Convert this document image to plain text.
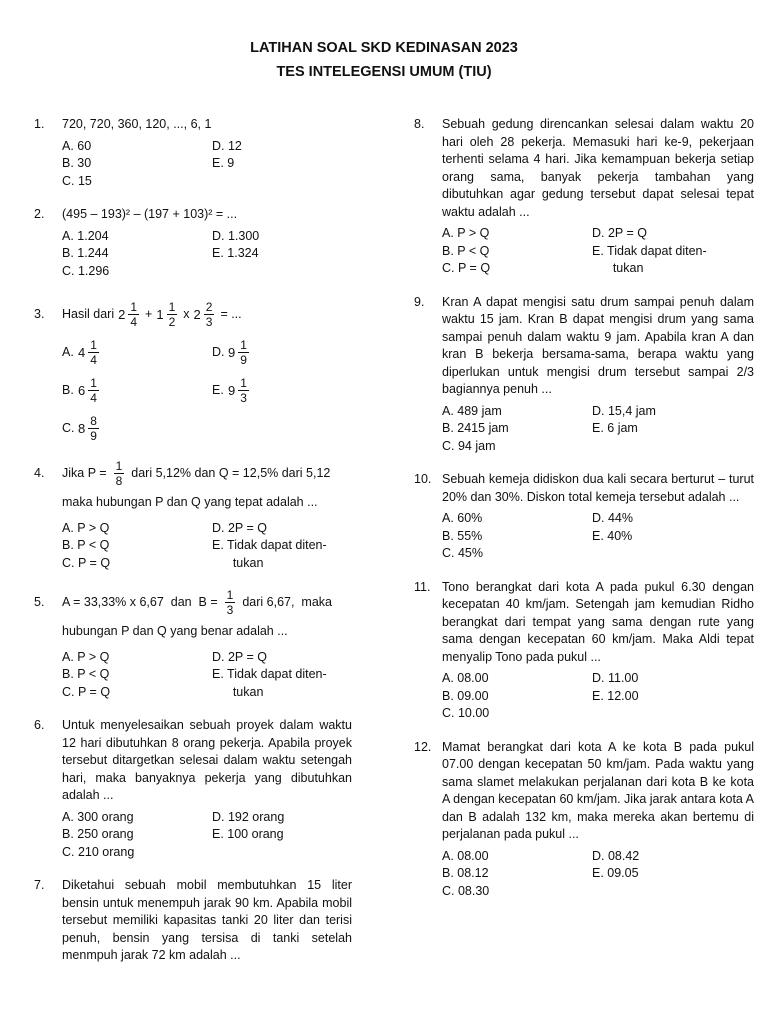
LATIHAN SOAL SKD KEDINASAN 2023
TES INTELEGENSI UMUM (TIU)
1.	720, 720, 360, 120, ..., 6, 1
A. 60	D. 12
B. 30	E. 9
C. 15
2.	(495 – 193)² – (197 + 103)² = ...
A. 1.204	D. 1.300
B. 1.244	E. 1.324
C. 1.296
3.	Hasil dari $2 \frac{1}{4} + 1 \frac{1}{2}$ x $2 \frac{2}{3}$ = ...
A. $4 \frac{1}{4}$	D. $9 \frac{1}{9}$
B. $6 \frac{1}{4}$	E. $9 \frac{1}{3}$
C. $8 \frac{8}{9}$
4.	Jika $P = \frac{1}{8}$ dari 5,12% dan Q = 12,5% dari 5,12
maka hubungan P dan Q yang tepat adalah ...
A. P > Q	D. 2P = Q
B. P < Q	E. Tidak dapat diten-
C. P = Q	tukan
5.	A = 33,33% x 6,67  dan  $B = \frac{1}{3}$ dari 6,67,  maka
hubungan P dan Q yang benar adalah ...
A. P > Q	D. 2P = Q
B. P < Q	E. Tidak dapat diten-
C. P = Q	tukan
6.	Untuk menyelesaikan sebuah proyek dalam waktu 12 hari dibutuhkan 8 orang pekerja. Apabila proyek tersebut ditargetkan selesai dalam waktu setengah hari, maka banyaknya pekerja yang dibutuhkan adalah ...
A. 300 orang	D. 192 orang
B. 250 orang	E. 100 orang
C. 210 orang
7.	Diketahui sebuah mobil membutuhkan 15 liter bensin untuk menempuh jarak 90 km. Apabila mobil tersebut memiliki kapasitas tanki 20 liter dan terisi penuh, bensin yang tersisa di tanki setelah menmpuh jarak 72 km adalah ...
8.	Sebuah gedung direncankan selesai dalam waktu 20 hari oleh 28 pekerja. Memasuki hari ke-9, pekerjaan terhenti selama 4 hari. Jika kemampuan bekerja setiap orang sama, banyak pekerja tambahan yang dibutuhkan agar gedung tersebut dapat selesai tepat waktu adalah ...
A. P > Q	D. 2P = Q
B. P < Q	E. Tidak dapat diten-
C. P = Q	tukan
9.	Kran A dapat mengisi satu drum sampai penuh dalam waktu 15 jam. Kran B dapat mengisi drum yang sama sampai penuh dalam waktu 9 jam. Apabila kran A dan kran B bekerja bersama-sama, berapa waktu yang diperlukan untuk mengisi drum tersebut sampai 2/3 bagiannya penuh ...
A. 489 jam	D. 15,4 jam
B. 2415 jam	E. 6 jam
C. 94 jam
10. Sebuah kemeja didiskon dua kali secara berturut – turut 20% dan 30%. Diskon total kemeja tersebut adalah ...
A. 60%	D. 44%
B. 55%	E. 40%
C. 45%
11. Tono berangkat dari kota A pada pukul 6.30 dengan kecepatan 40 km/jam. Setengah jam kemudian Ridho berangkat dari tempat yang sama dengan rute yang sama dengan kecepatan 60 km/jam. Maka Aldi tepat menyalip Tono pada pukul ...
A. 08.00	D. 11.00
B. 09.00	E. 12.00
C. 10.00
12. Mamat berangkat dari kota A ke kota B pada pukul 07.00 dengan kecepatan 50 km/jam. Pada waktu yang sama slamet melakukan perjalanan dari kota B ke kota A dengan kecepatan 60 km/jam. Jika jarak antara kota A dan B adalah 132 km, maka mereka akan bertemu di perjalanan pada pukul ...
A. 08.00	D. 08.42
B. 08.12	E. 09.05
C. 08.30
